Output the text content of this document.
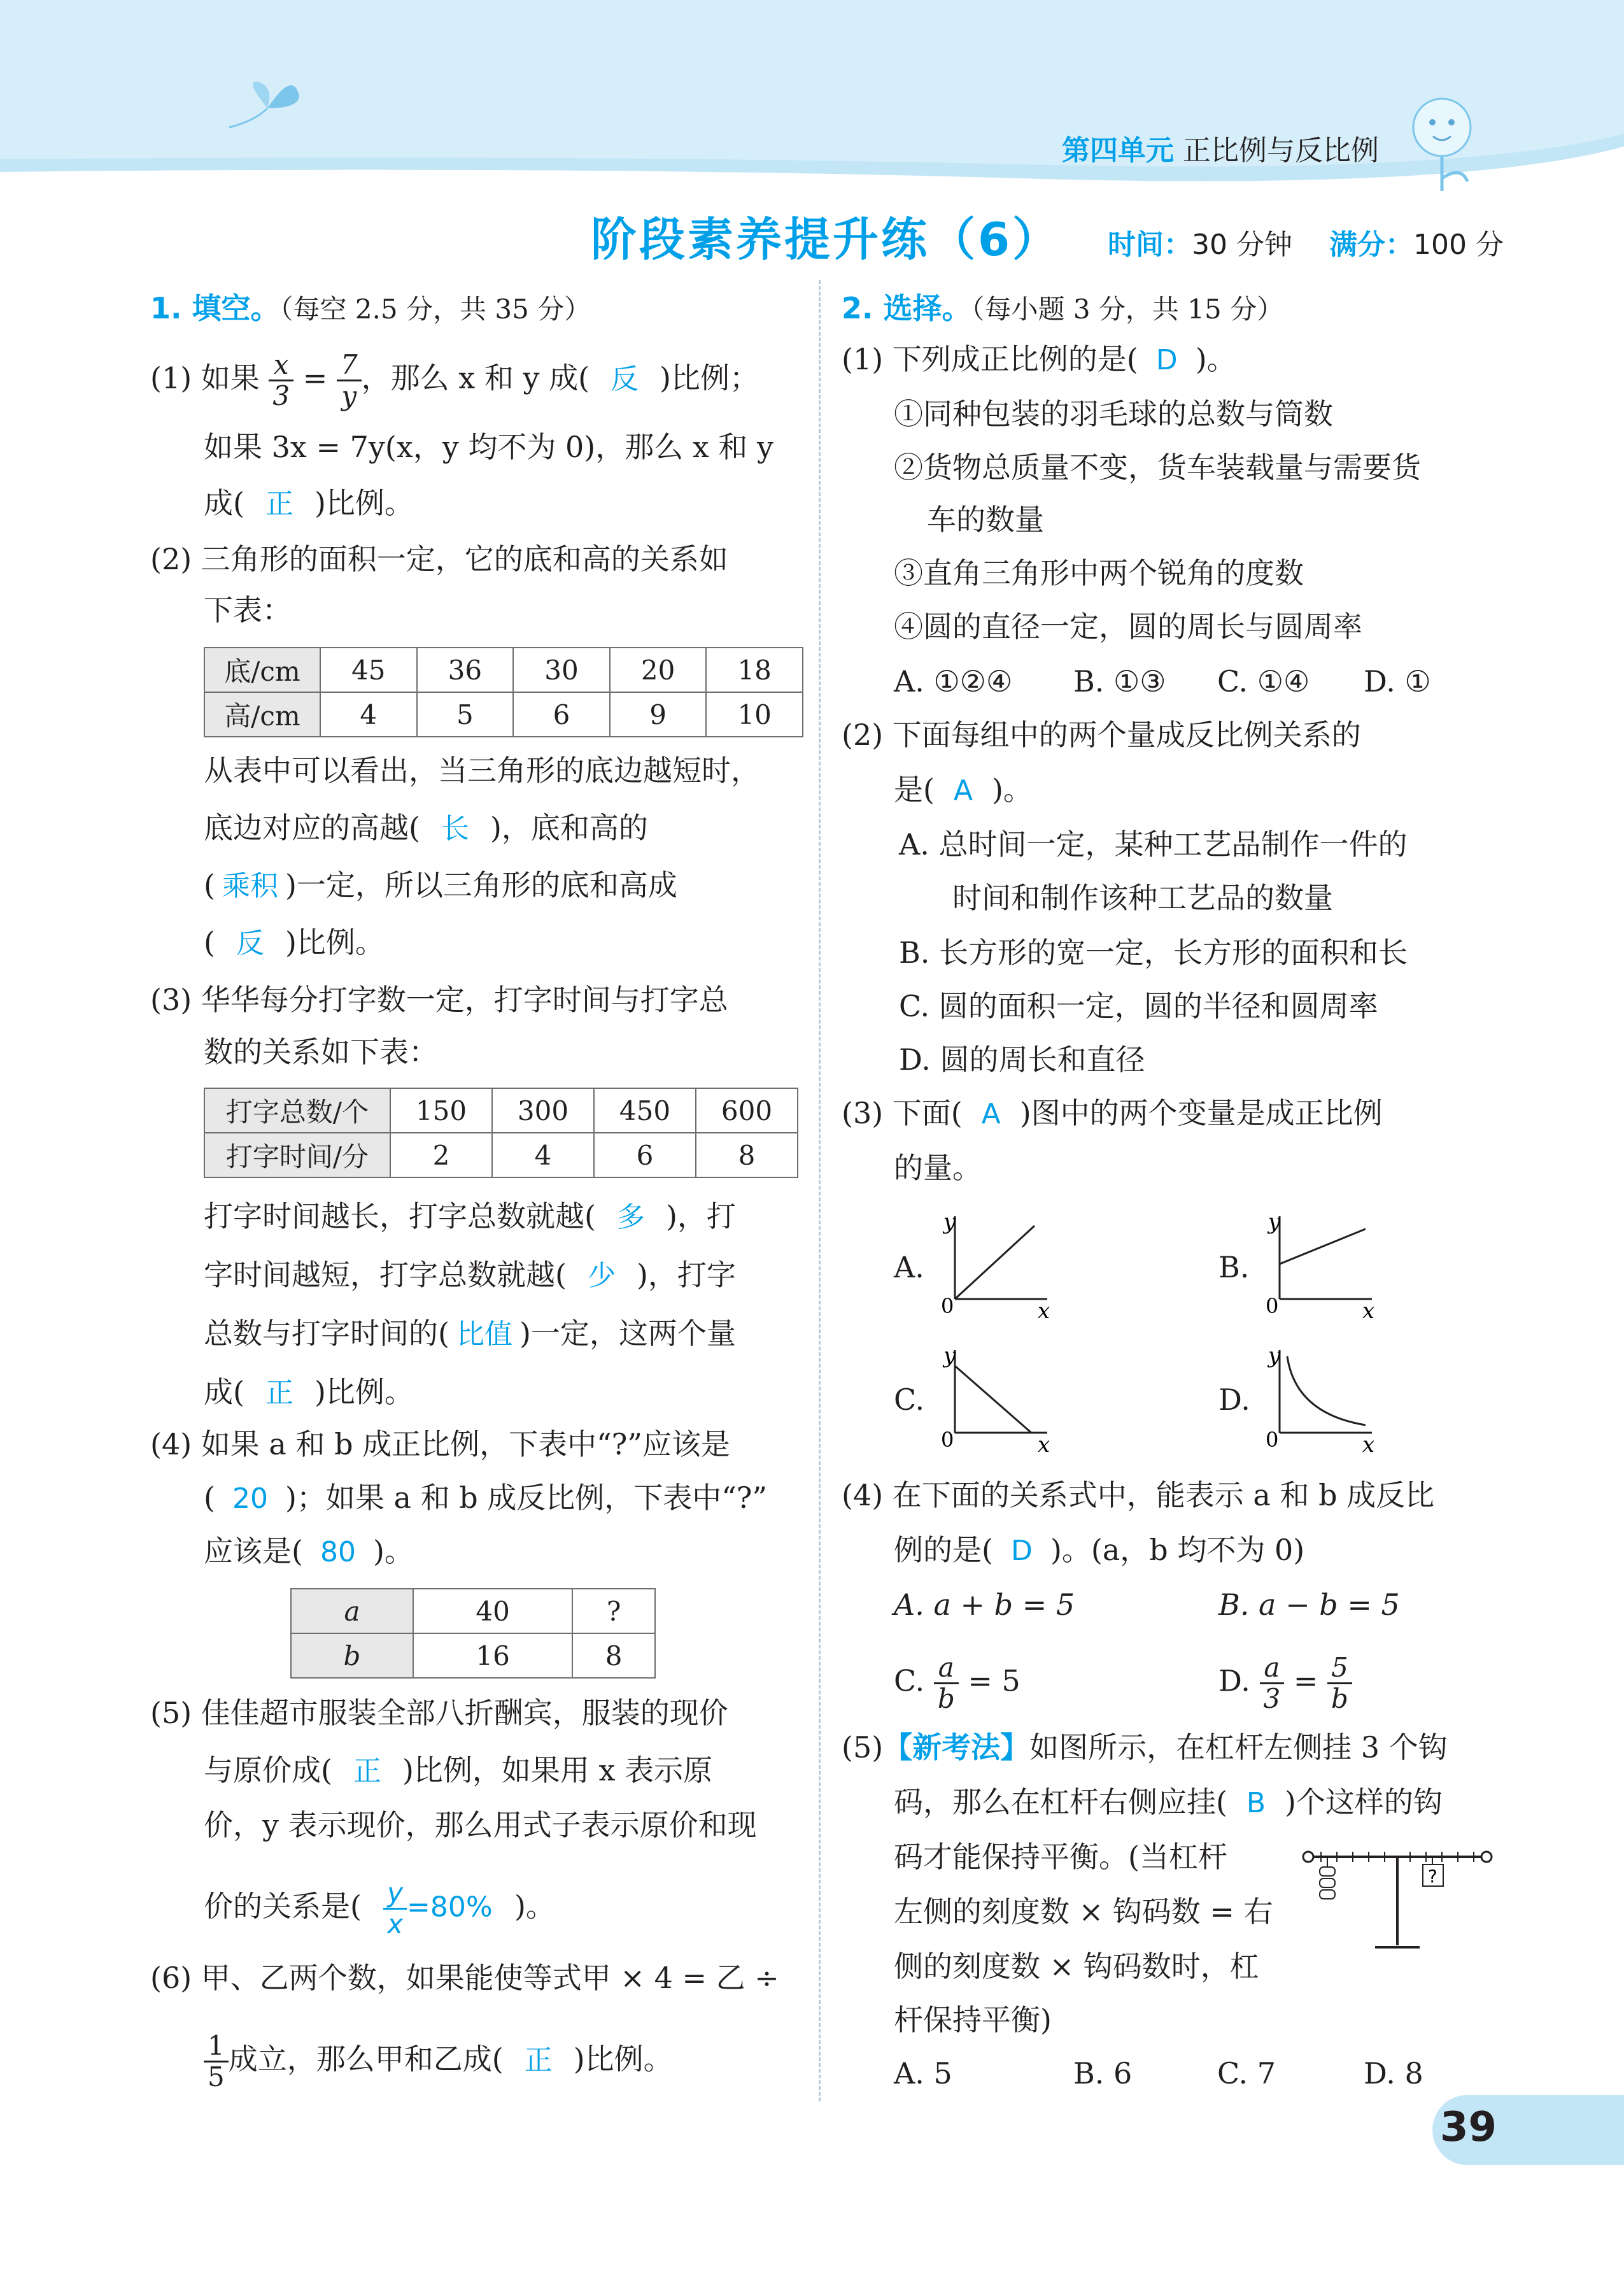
第四单元 正比例与反比例
阶段素养提升练（6） 时间：30 分钟 满分：100 分
1. 填空。（每空 2.5 分，共 35 分）
(1) 如果 $\frac{x}{3} = \frac{7}{y}$ ，那么 x 和 y 成( 反 )比例；
如果 3x = 7y(x，y 均不为 0)，那么 x 和 y
成( 正 )比例。
(2) 三角形的面积一定，它的底和高的关系如
下表：
底/cm	45	36	30	20	18
高/cm	4	5	6	9	10
从表中可以看出，当三角形的底边越短时，
底边对应的高越( 长 )，底和高的
( 乘积 )一定，所以三角形的底和高成
( 反 )比例。
(3) 华华每分打字数一定，打字时间与打字总
数的关系如下表：
打字总数/个	150	300	450	600
打字时间/分	2	4	6	8
打字时间越长，打字总数就越( 多 )，打
字时间越短，打字总数就越( 少 )，打字
总数与打字时间的( 比值 )一定，这两个量
成( 正 )比例。
(4) 如果 a 和 b 成正比例，下表中“?”应该是
( 20 )；如果 a 和 b 成反比例，下表中“?”
应该是( 80 )。
a	40	?
b	16	8
(5) 佳佳超市服装全部八折酬宾，服装的现价
与原价成( 正 )比例，如果用 x 表示原
价，y 表示现价，那么用式子表示原价和现
价的关系是( $\frac{y}{x} =80\%$ )。
(6) 甲、乙两个数，如果能使等式甲 × 4 = 乙 ÷
$\frac{1}{5}$ 成立，那么甲和乙成( 正 )比例。
2. 选择。（每小题 3 分，共 15 分）
(1) 下列成正比例的是( D )。
①同种包装的羽毛球的总数与筒数
②货物总质量不变，货车装载量与需要货
车的数量
③直角三角形中两个锐角的度数
④圆的直径一定，圆的周长与圆周率
A. ①②④ B. ①③ C. ①④ D. ①
(2) 下面每组中的两个量成反比例关系的
是( A )。
A. 总时间一定，某种工艺品制作一件的
时间和制作该种工艺品的数量
B. 长方形的宽一定，长方形的面积和长
C. 圆的面积一定，圆的半径和圆周率
D. 圆的周长和直径
(3) 下面( A )图中的两个变量是成正比例
的量。
A.	B.
C.	D.
y
x
0
y
x
0
y
x
0
y
x
0
(4) 在下面的关系式中，能表示 a 和 b 成反比
例的是( D )。(a，b 均不为 0)
A. a + b = 5	B. a − b = 5
C. $\frac{a}{b} = 5$	D. $\frac{a}{3} = \frac{5}{b}$
(5)【新考法】如图所示，在杠杆左侧挂 3 个钩
码，那么在杠杆右侧应挂( B )个这样的钩
码才能保持平衡。(当杠杆
左侧的刻度数 × 钩码数 = 右
侧的刻度数 × 钩码数时，杠
杆保持平衡)
?
A. 5	B. 6	C. 7	D. 8
39
